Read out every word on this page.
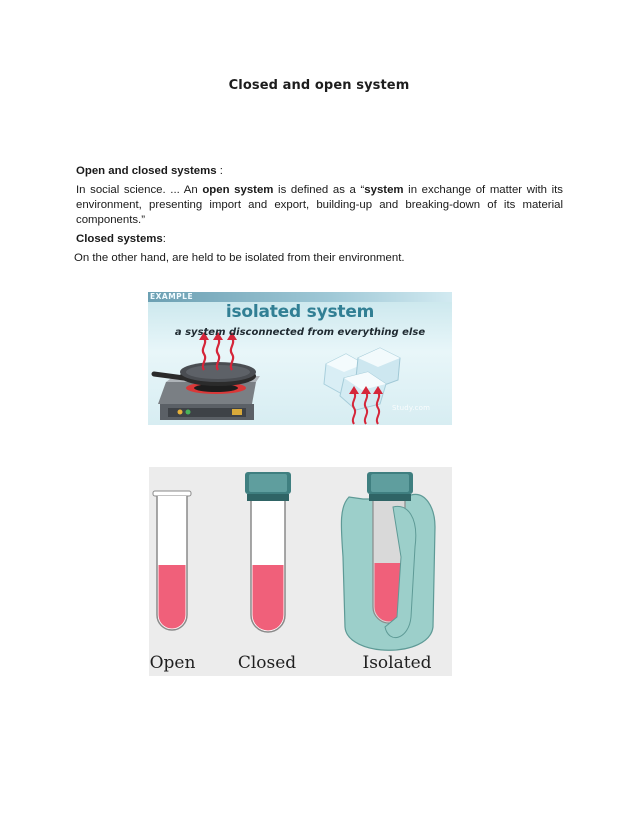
Closed and open system
Open and closed systems :
In social science. ... An open system is defined as a “system in exchange of matter with its environment, presenting import and export, building-up and breaking-down of its material components.”
Closed systems:
On the other hand, are held to be isolated from their environment.
EXAMPLE
isolated system
a system disconnected from everything else
Study.com
Open Closed	Isolated
